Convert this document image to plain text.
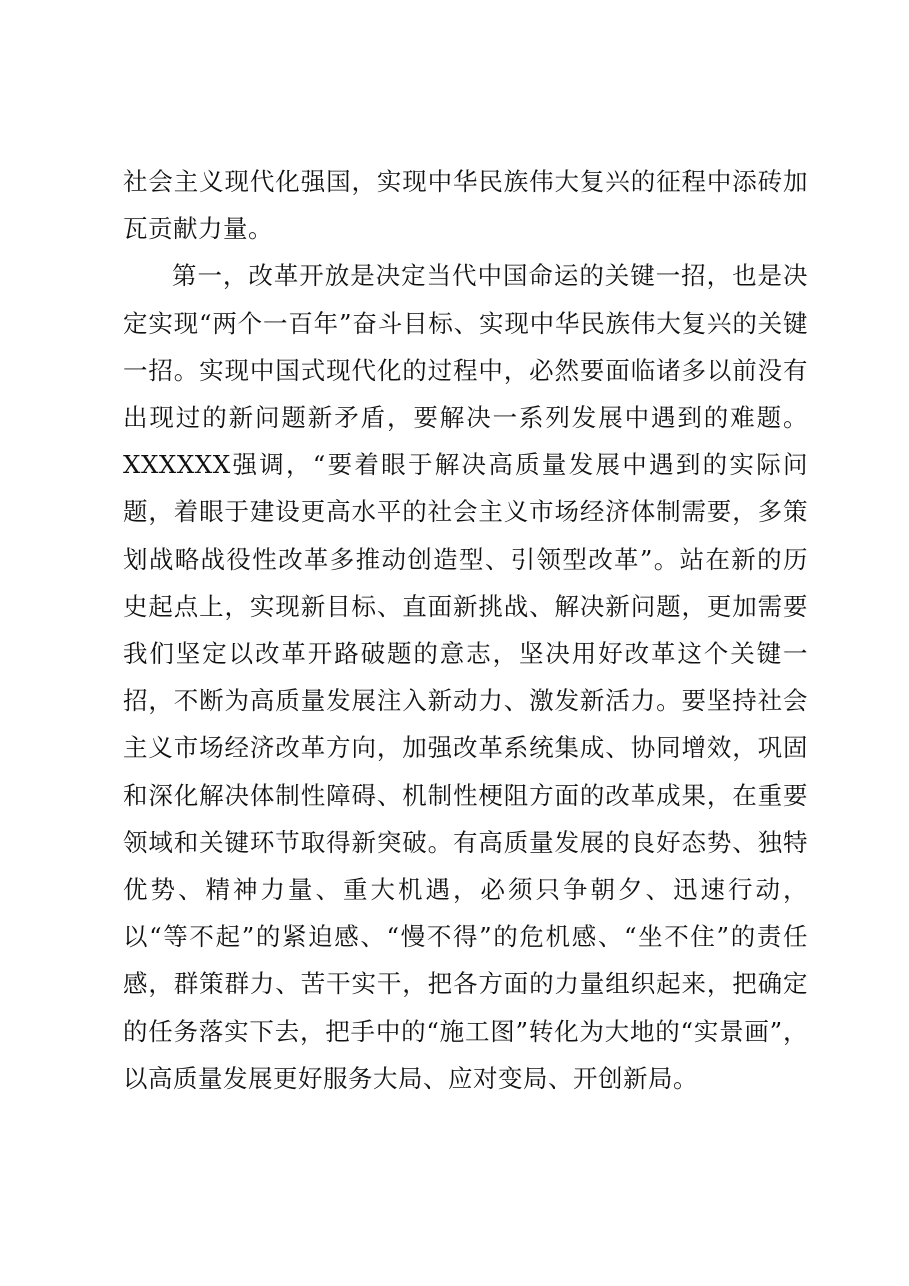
社会主义现代化强国，实现中华民族伟大复兴的征程中添砖加瓦贡献力量。

第一，改革开放是决定当代中国命运的关键一招，也是决定实现“两个一百年”奋斗目标、实现中华民族伟大复兴的关键一招。实现中国式现代化的过程中，必然要面临诸多以前没有出现过的新问题新矛盾，要解决一系列发展中遇到的难题。XXXXXX强调，“要着眼于解决高质量发展中遇到的实际问题，着眼于建设更高水平的社会主义市场经济体制需要，多策划战略战役性改革多推动创造型、引领型改革”。站在新的历史起点上，实现新目标、直面新挑战、解决新问题，更加需要我们坚定以改革开路破题的意志，坚决用好改革这个关键一招，不断为高质量发展注入新动力、激发新活力。要坚持社会主义市场经济改革方向，加强改革系统集成、协同增效，巩固和深化解决体制性障碍、机制性梗阻方面的改革成果，在重要领域和关键环节取得新突破。有高质量发展的良好态势、独特优势、精神力量、重大机遇，必须只争朝夕、迅速行动，以“等不起”的紧迫感、“慢不得”的危机感、“坐不住”的责任感，群策群力、苦干实干，把各方面的力量组织起来，把确定的任务落实下去，把手中的“施工图”转化为大地的“实景画”，以高质量发展更好服务大局、应对变局、开创新局。
